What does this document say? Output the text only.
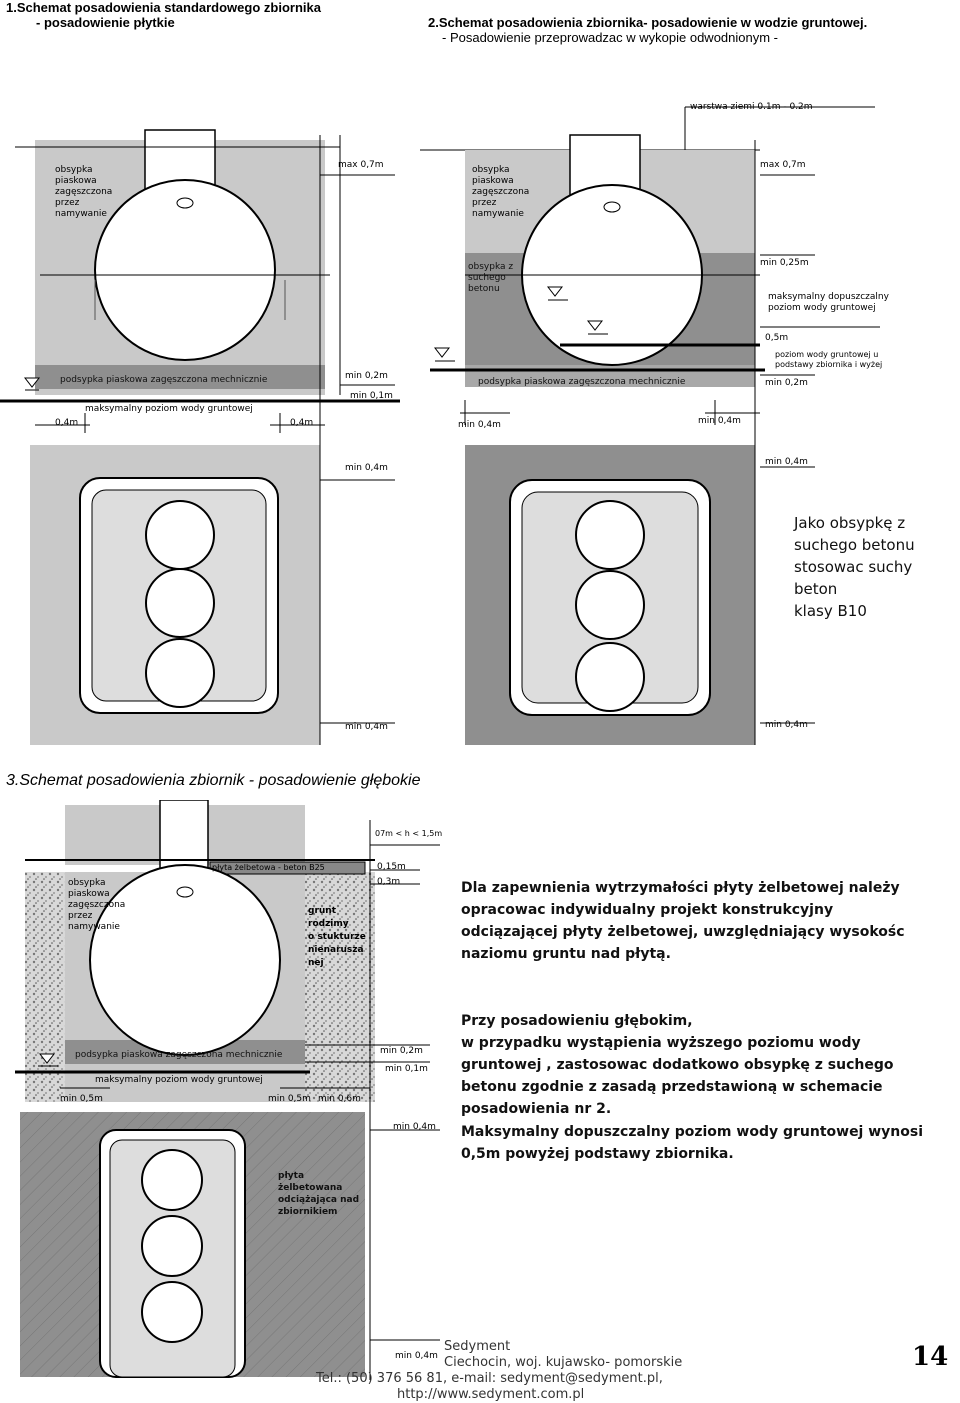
1.Schemat posadowienia standardowego zbiornika
- posadowienie płytkie	2.Schemat posadowienia zbiornika- posadowienie w wodzie gruntowej.
- Posadowienie przeprowadzac w wykopie odwodnionym -
3.Schemat posadowienia zbiornik - posadowienie głębokie
obsypka
piaskowa
zagęszczona
przez
namywanie
max 0,7m
podsypka piaskowa zagęszczona mechnicznie	min 0,2m
min 0,1m
maksymalny poziom wody gruntowej
0,4m	0,4m
min 0,4m
min 0,4m
warstwa ziemi 0.1m - 0.2m
obsypka
piaskowa
zagęszczona
przez
namywanie
obsypka z
suchego
betonu
max 0,7m
min 0,25m
maksymalny dopuszczalny
poziom wody gruntowej
0,5m
poziom wody gruntowej u
podstawy zbiornika i wyżej
podsypka piaskowa zagęszczona mechnicznie	min 0,2m
min 0,4m	min 0,4m
min 0,4m
min 0,4m
Jako obsypkę z
suchego betonu
stosowac suchy beton
klasy B10
07m < h < 1,5m
płyta żelbetowa - beton B25	0,15m
0,3m
obsypka
piaskowa
zagęszczona
przez
namywanie
grunt
rodzimy
o stukturze
nienarusza
nej
podsypka piaskowa zagęszczona mechnicznie	min 0,2m
min 0,1m
maksymalny poziom wody gruntowej
min 0,5m	min 0,5m min 0,6m
min 0,4m
płyta
żelbetowana
odciążająca nad
zbiornikiem
min 0,4m
Dla zapewnienia wytrzymałości płyty żelbetowej należy opracowac indywidualny projekt konstrukcyjny odciązającej płyty żelbetowej, uwzględniający wysokośc naziomu gruntu nad płytą.
Przy posadowieniu głębokim,
w przypadku wystąpienia wyższego poziomu wody gruntowej , zastosowac dodatkowo obsypkę z suchego betonu zgodnie z zasadą przedstawioną w schemacie posadowienia nr 2.
Maksymalny dopuszczalny poziom wody gruntowej wynosi 0,5m powyżej podstawy zbiornika.
Sedyment
Ciechocin, woj. kujawsko- pomorskie
Tel.: (50) 376 56 81, e-mail: sedyment@sedyment.pl,
http://www.sedyment.com.pl
14
